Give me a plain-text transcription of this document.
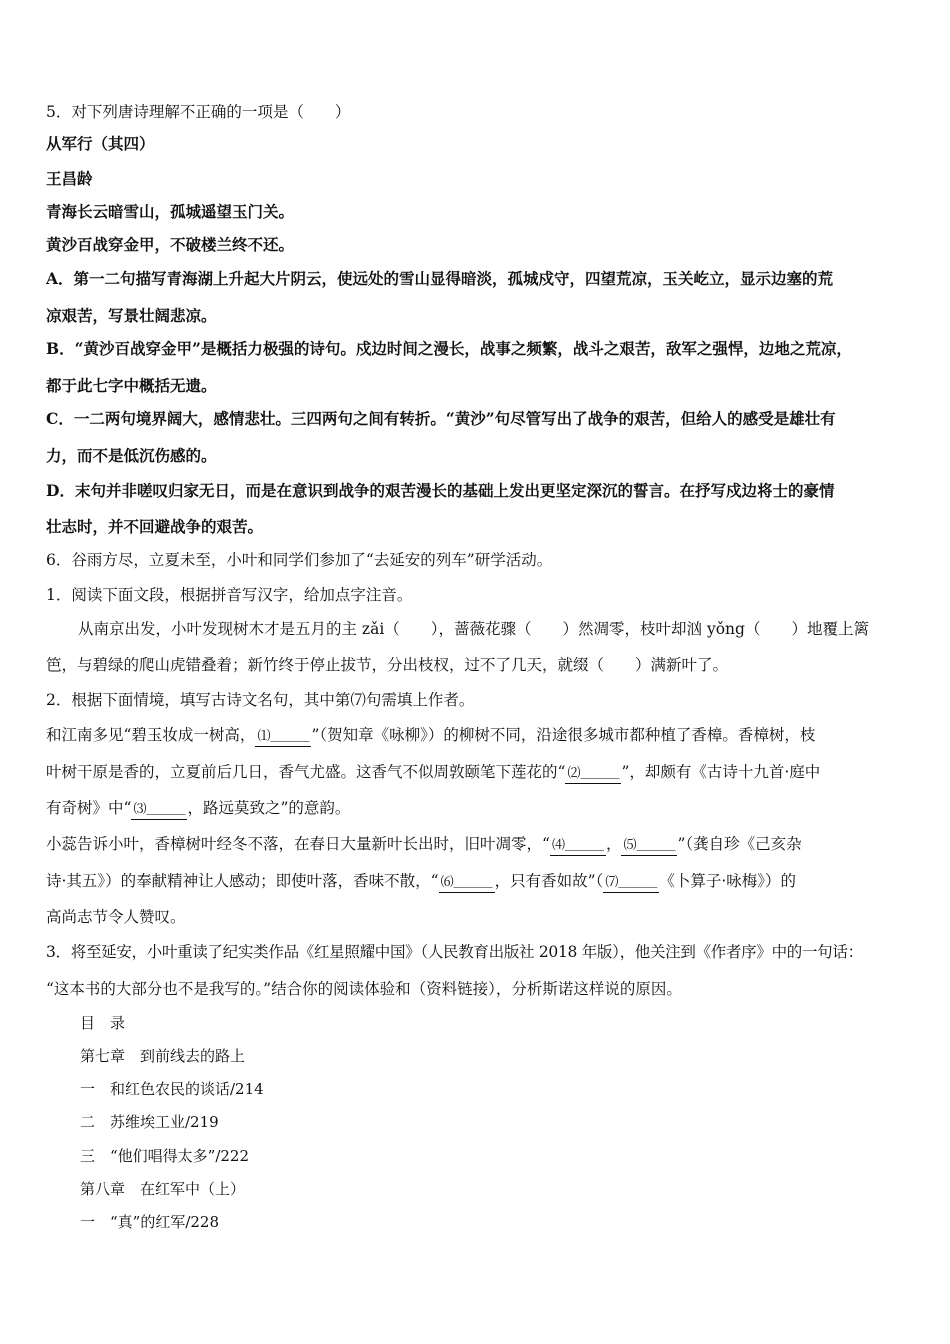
5．对下列唐诗理解不正确的一项是（　　）
从军行（其四）
王昌龄
青海长云暗雪山，孤城遥望玉门关。
黄沙百战穿金甲，不破楼兰终不还。
A．第一二句描写青海湖上升起大片阴云，使远处的雪山显得暗淡，孤城戍守，四望荒凉，玉关屹立，显示边塞的荒
凉艰苦，写景壮阔悲凉。
B．“黄沙百战穿金甲”是概括力极强的诗句。戍边时间之漫长，战事之频繁，战斗之艰苦，敌军之强悍，边地之荒凉，
都于此七字中概括无遗。
C．一二两句境界阔大，感情悲壮。三四两句之间有转折。“黄沙”句尽管写出了战争的艰苦，但给人的感受是雄壮有
力，而不是低沉伤感的。
D．末句并非嗟叹归家无日，而是在意识到战争的艰苦漫长的基础上发出更坚定深沉的誓言。在抒写戍边将士的豪情
壮志时，并不回避战争的艰苦。
6．谷雨方尽，立夏未至，小叶和同学们参加了“去延安的列车”研学活动。
1．阅读下面文段，根据拼音写汉字，给加点字注音。
从南京出发，小叶发现树木才是五月的主 zǎi（　　），蔷薇花骤（　　）然凋零，枝叶却汹 yǒng（　　）地覆上篱
笆，与碧绿的爬山虎错叠着；新竹终于停止拔节，分出枝杈，过不了几天，就缀（　　）满新叶了。
2．根据下面情境，填写古诗文名句，其中第⑺句需填上作者。
和江南多见“碧玉妆成一树高， ⑴＿＿＿ ”（贺知章《咏柳》）的柳树不同，沿途很多城市都种植了香樟。香樟树，枝
叶树干原是香的，立夏前后几日，香气尤盛。这香气不似周敦颐笔下莲花的“ ⑵＿＿＿ ”，却颇有《古诗十九首·庭中
有奇树》中“ ⑶＿＿＿ ，路远莫致之”的意韵。
小蕊告诉小叶，香樟树叶经冬不落，在春日大量新叶长出时，旧叶凋零，“ ⑷＿＿＿ ， ⑸＿＿＿ ”（龚自珍《己亥杂
诗·其五》）的奉献精神让人感动；即使叶落，香味不散，“ ⑹＿＿＿ ，只有香如故”（ ⑺＿＿＿ 《卜算子·咏梅》）的
高尚志节令人赞叹。
3．将至延安，小叶重读了纪实类作品《红星照耀中国》（人民教育出版社 2018 年版），他关注到《作者序》中的一句话：
“这本书的大部分也不是我写的。”结合你的阅读体验和（资料链接），分析斯诺这样说的原因。
目　录
第七章　到前线去的路上
一　和红色农民的谈话/214
二　苏维埃工业/219
三　“他们唱得太多”/222
第八章　在红军中（上）
一　“真”的红军/228
